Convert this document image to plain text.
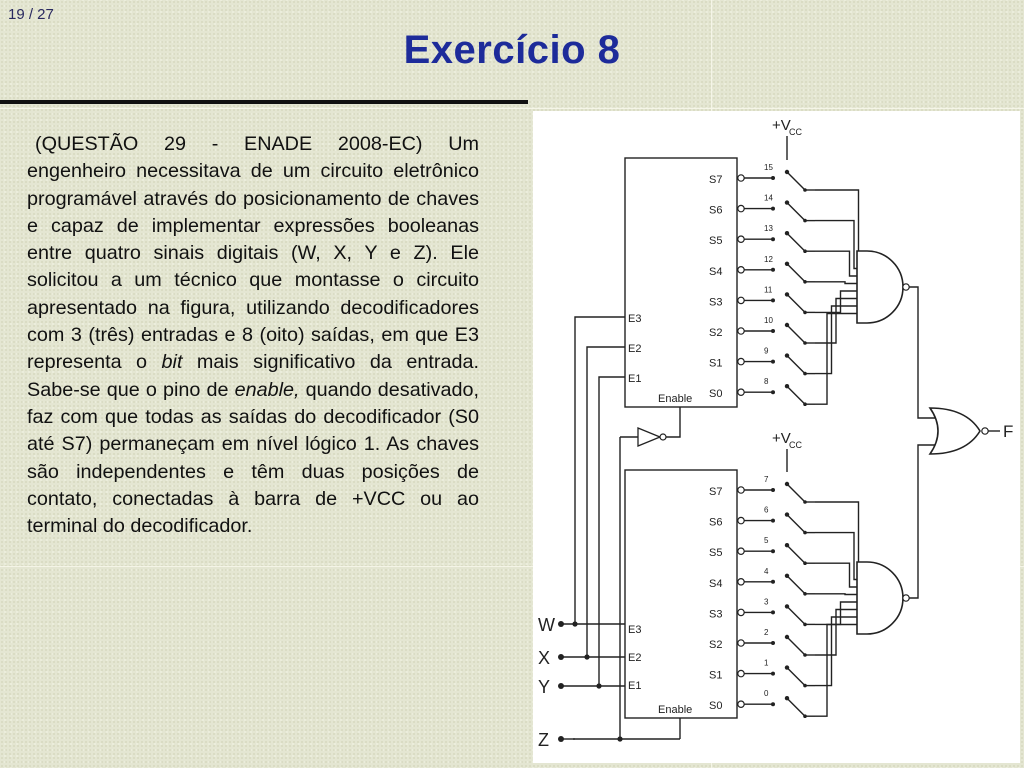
19 / 27
Exercício 8
(QUESTÃO 29 - ENADE 2008-EC) Um engenheiro necessitava de um circuito eletrônico programável através do posicionamento de chaves e capaz de implementar expressões booleanas entre quatro sinais digitais (W, X, Y e Z). Ele solicitou a um técnico que montasse o circuito apresentado na figura, utilizando decodificadores com 3 (três) entradas e 8 (oito) saídas, em que E3 representa o bit mais significativo da entrada. Sabe-se que o pino de enable, quando desativado, faz com que todas as saídas do decodificador (S0 até S7) permaneçam em nível lógico 1. As chaves são independentes e têm duas posições de contato, conectadas à barra de +VCC ou ao terminal do decodificador.
+V
CC
Enable
E3
E2
E1
S7
15
S6
14
S5
13
S4
12
S3
11
S2
10
S1
9
S0
8
+V
CC
Enable
E3
E2
E1
S7
7
S6
6
S5
5
S4
4
S3
3
S2
2
S1
1
S0
0
F
W
X
Y
Z
